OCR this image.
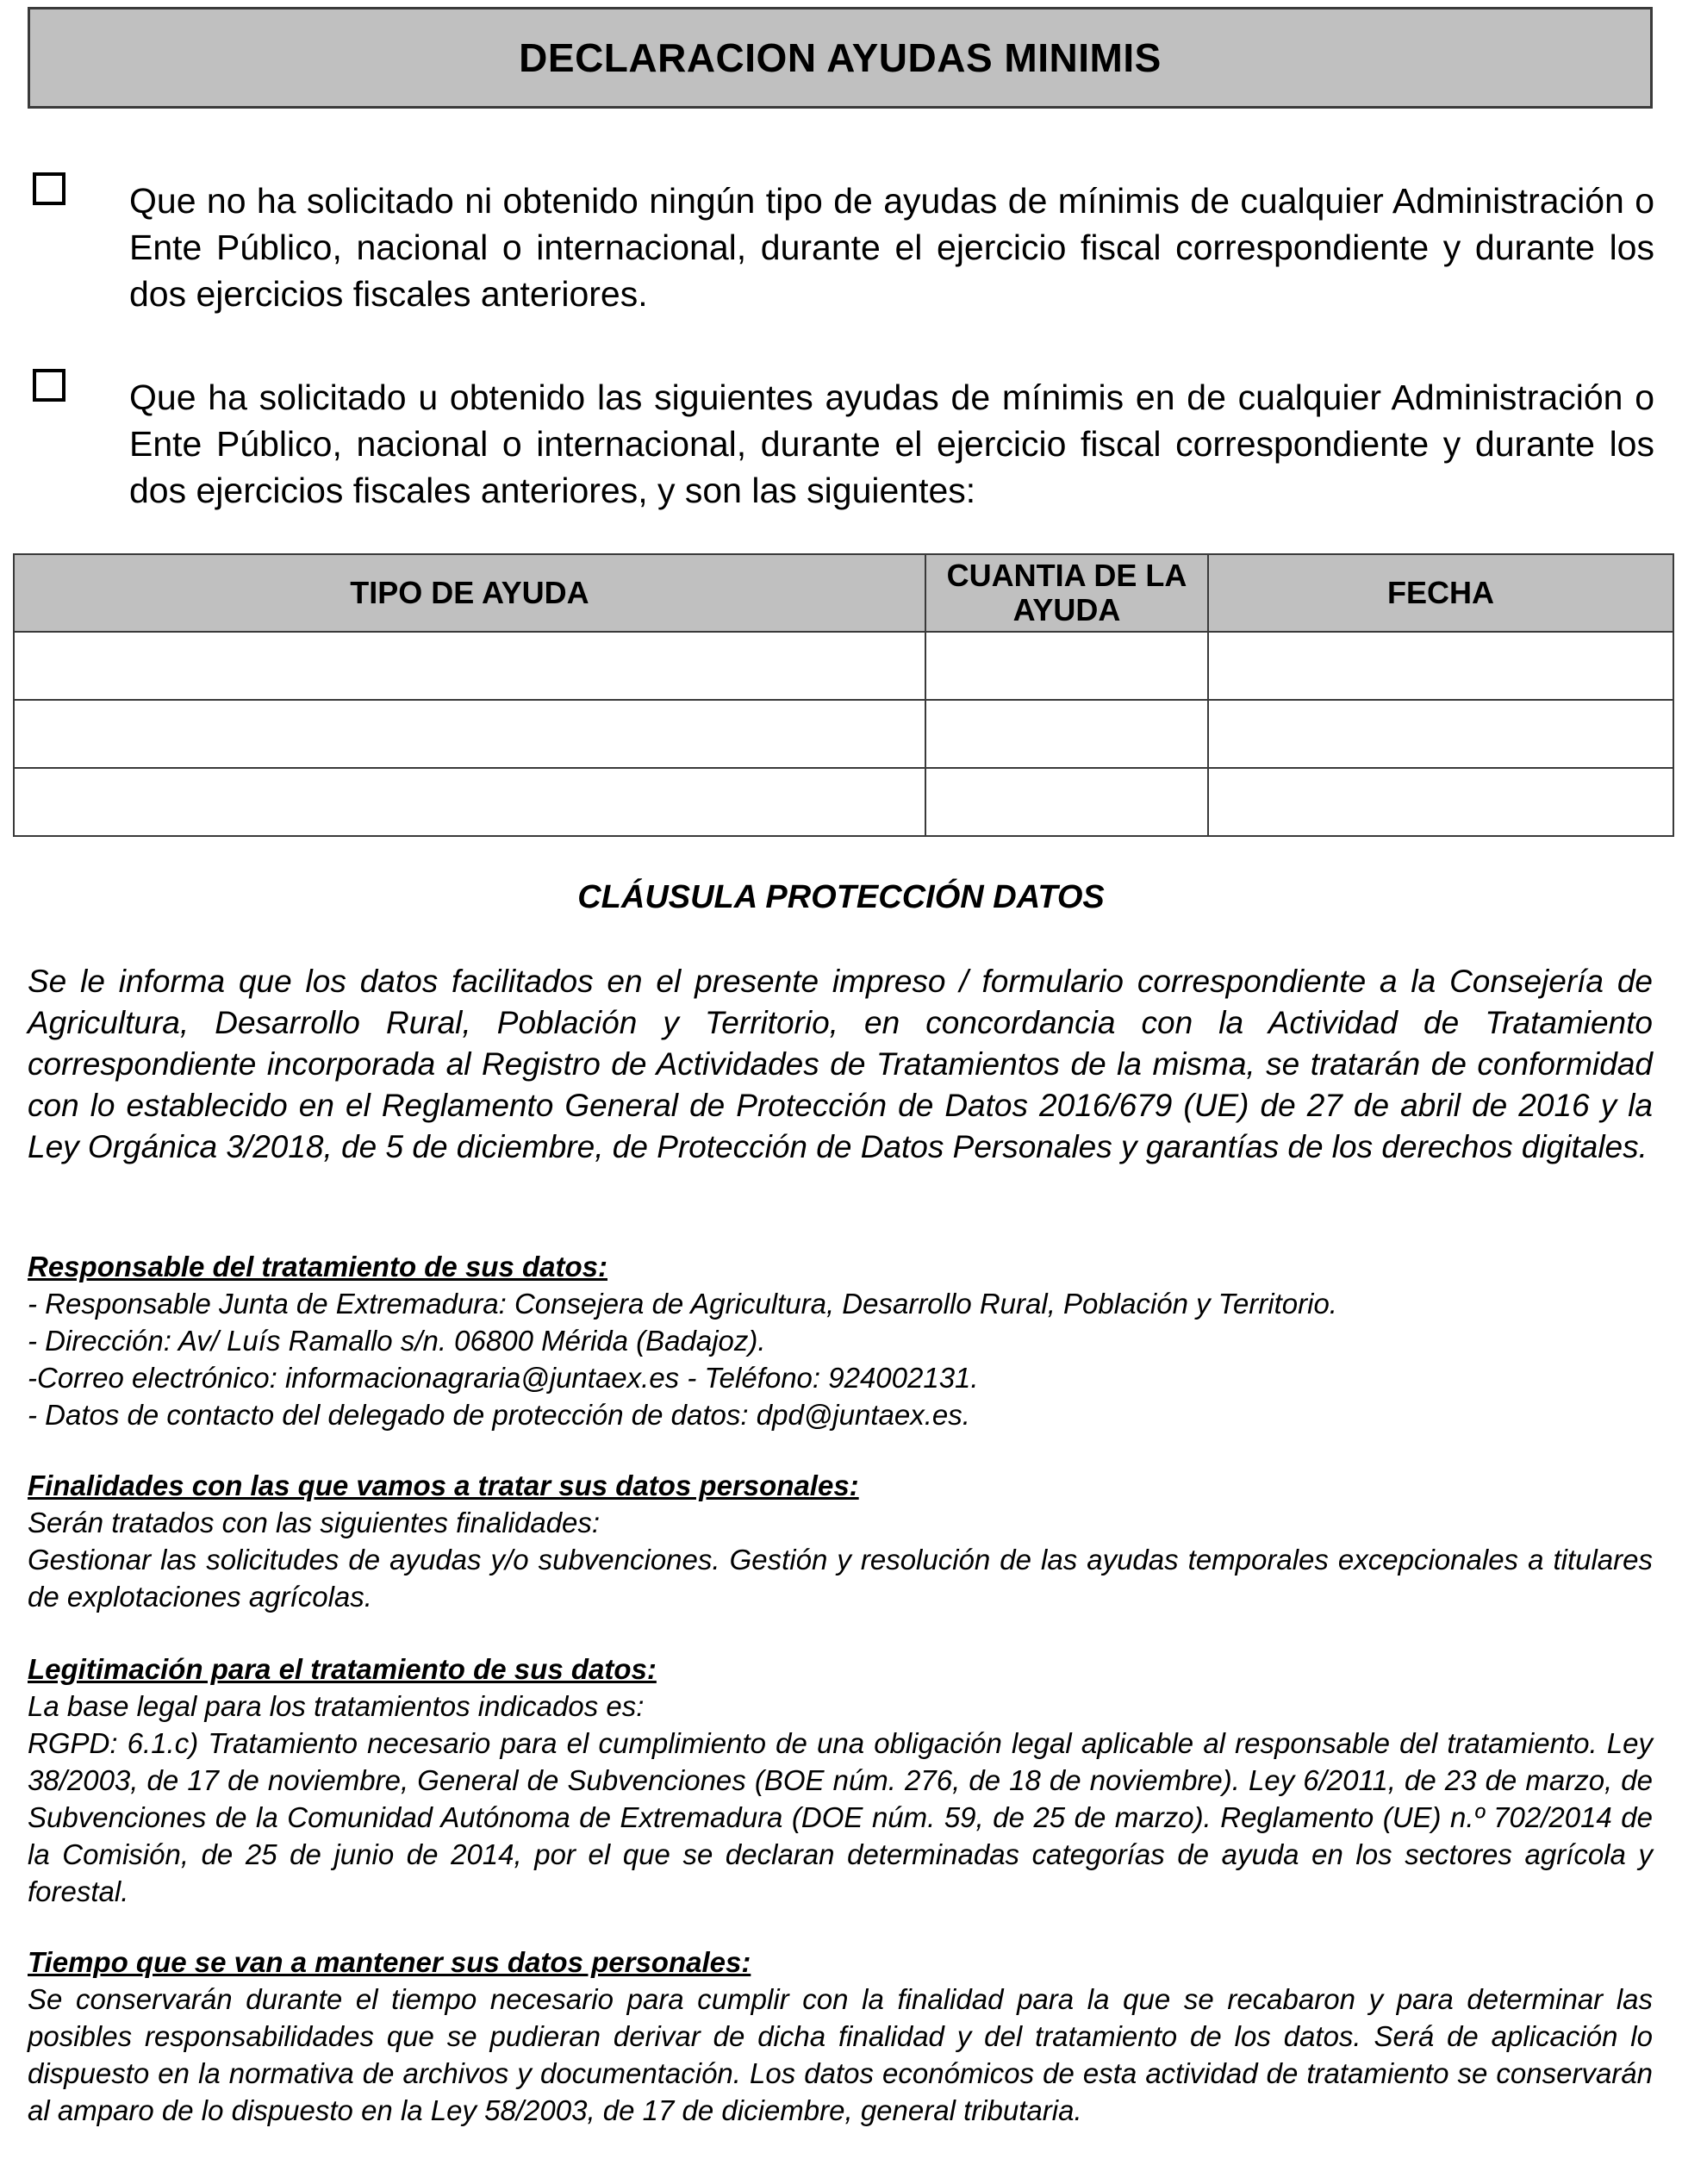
DECLARACION AYUDAS MINIMIS
Que no ha solicitado ni obtenido ningún tipo de ayudas de mínimis de cualquier Administración o Ente Público, nacional o internacional, durante el ejercicio fiscal correspondiente y durante los dos ejercicios fiscales anteriores.
Que ha solicitado u obtenido las siguientes ayudas de mínimis en de cualquier Administración o Ente Público, nacional o internacional, durante el ejercicio fiscal correspondiente y durante los dos ejercicios fiscales anteriores, y son las siguientes:
TIPO DE AYUDA	CUANTIA DE LA AYUDA	FECHA

CLÁUSULA PROTECCIÓN DATOS
Se le informa que los datos facilitados en el presente impreso / formulario correspondiente a la Consejería de Agricultura, Desarrollo Rural, Población y Territorio, en concordancia con la Actividad de Tratamiento correspondiente incorporada al Registro de Actividades de Tratamientos de la misma, se tratarán de conformidad con lo establecido en el Reglamento General de Protección de Datos 2016/679 (UE) de 27 de abril de 2016 y la Ley Orgánica 3/2018, de 5 de diciembre, de Protección de Datos Personales y garantías de los derechos digitales.
Responsable del tratamiento de sus datos:
- Responsable Junta de Extremadura: Consejera de Agricultura, Desarrollo Rural, Población y Territorio.
- Dirección: Av/ Luís Ramallo s/n. 06800 Mérida (Badajoz).
-Correo electrónico: informacionagraria@juntaex.es - Teléfono: 924002131.
- Datos de contacto del delegado de protección de datos: dpd@juntaex.es.
Finalidades con las que vamos a tratar sus datos personales:
Serán tratados con las siguientes finalidades:
Gestionar las solicitudes de ayudas y/o subvenciones. Gestión y resolución de las ayudas temporales excepcionales a titulares de explotaciones agrícolas.
Legitimación para el tratamiento de sus datos:
La base legal para los tratamientos indicados es:
RGPD: 6.1.c) Tratamiento necesario para el cumplimiento de una obligación legal aplicable al responsable del tratamiento. Ley 38/2003, de 17 de noviembre, General de Subvenciones (BOE núm. 276, de 18 de noviembre). Ley 6/2011, de 23 de marzo, de Subvenciones de la Comunidad Autónoma de Extremadura (DOE núm. 59, de 25 de marzo). Reglamento (UE) n.º 702/2014 de la Comisión, de 25 de junio de 2014, por el que se declaran determinadas categorías de ayuda en los sectores agrícola y forestal.
Tiempo que se van a mantener sus datos personales:
Se conservarán durante el tiempo necesario para cumplir con la finalidad para la que se recabaron y para determinar las posibles responsabilidades que se pudieran derivar de dicha finalidad y del tratamiento de los datos. Será de aplicación lo dispuesto en la normativa de archivos y documentación. Los datos económicos de esta actividad de tratamiento se conservarán al amparo de lo dispuesto en la Ley 58/2003, de 17 de diciembre, general tributaria.
